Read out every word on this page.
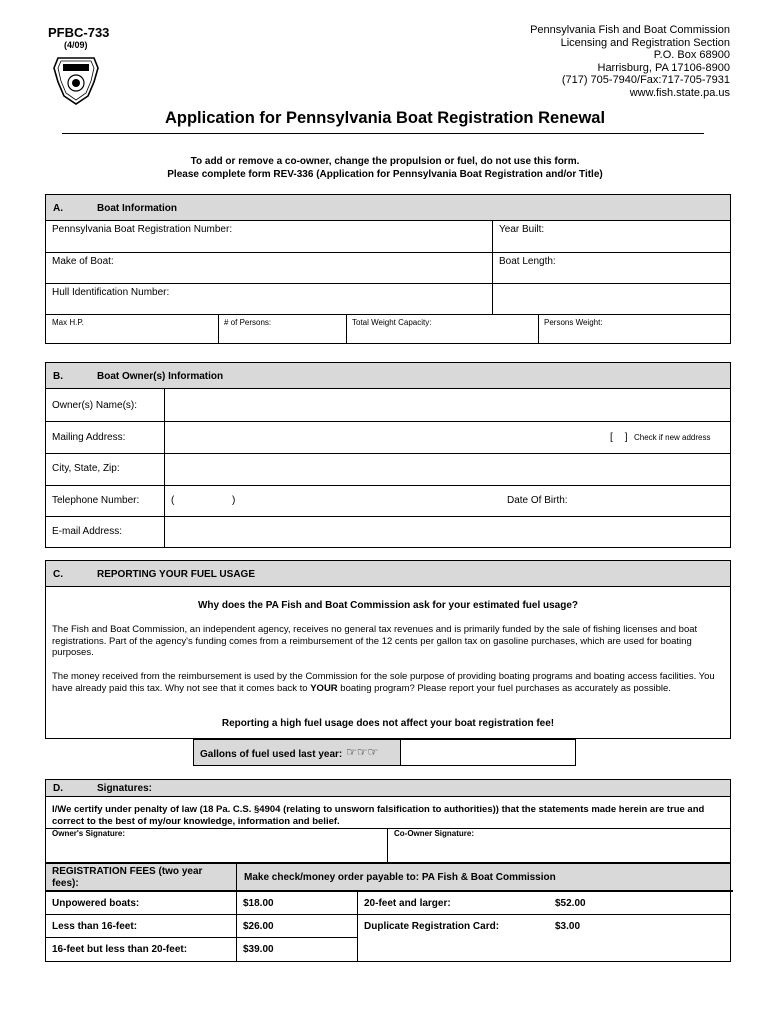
PFBC-733
(4/09)
Pennsylvania Fish and Boat Commission
Licensing and Registration Section
P.O. Box 68900
Harrisburg, PA 17106-8900
(717) 705-7940/Fax:717-705-7931
www.fish.state.pa.us
Application for Pennsylvania Boat Registration Renewal
To add or remove a co-owner, change the propulsion or fuel, do not use this form.
Please complete form REV-336 (Application for Pennsylvania Boat Registration and/or Title)
A.	Boat Information
Pennsylvania Boat Registration Number:	Year Built:
Make of Boat:	Boat Length:
Hull Identification Number:
Max H.P.	# of Persons:	Total Weight Capacity:	Persons Weight:
B.	Boat Owner(s) Information
Owner(s) Name(s):
Mailing Address:	[ ] Check if new address
City, State, Zip:
Telephone Number:	(	)	Date Of Birth:
E-mail Address:
C.	REPORTING YOUR FUEL USAGE
Why does the PA Fish and Boat Commission ask for your estimated fuel usage?
The Fish and Boat Commission, an independent agency, receives no general tax revenues and is primarily funded by the sale of fishing licenses and boat registrations. Part of the agency's funding comes from a reimbursement of the 12 cents per gallon tax on gasoline purchases, which are used for boating purposes.
The money received from the reimbursement is used by the Commission for the sole purpose of providing boating programs and boating access facilities. You have already paid this tax. Why not see that it comes back to YOUR boating program? Please report your fuel purchases as accurately as possible.
Reporting a high fuel usage does not affect your boat registration fee!
Gallons of fuel used last year: ☞☞☞
D.	Signatures:
I/We certify under penalty of law (18 Pa. C.S. §4904 (relating to unsworn falsification to authorities)) that the statements made herein are true and correct to the best of my/our knowledge, information and belief.
Owner's Signature:	Co-Owner Signature:
REGISTRATION FEES (two year fees):
Make check/money order payable to: PA Fish & Boat Commission
Unpowered boats:	$18.00	20-feet and larger:	$52.00
Less than 16-feet:	$26.00	Duplicate Registration Card:	$3.00
16-feet but less than 20-feet:	$39.00
